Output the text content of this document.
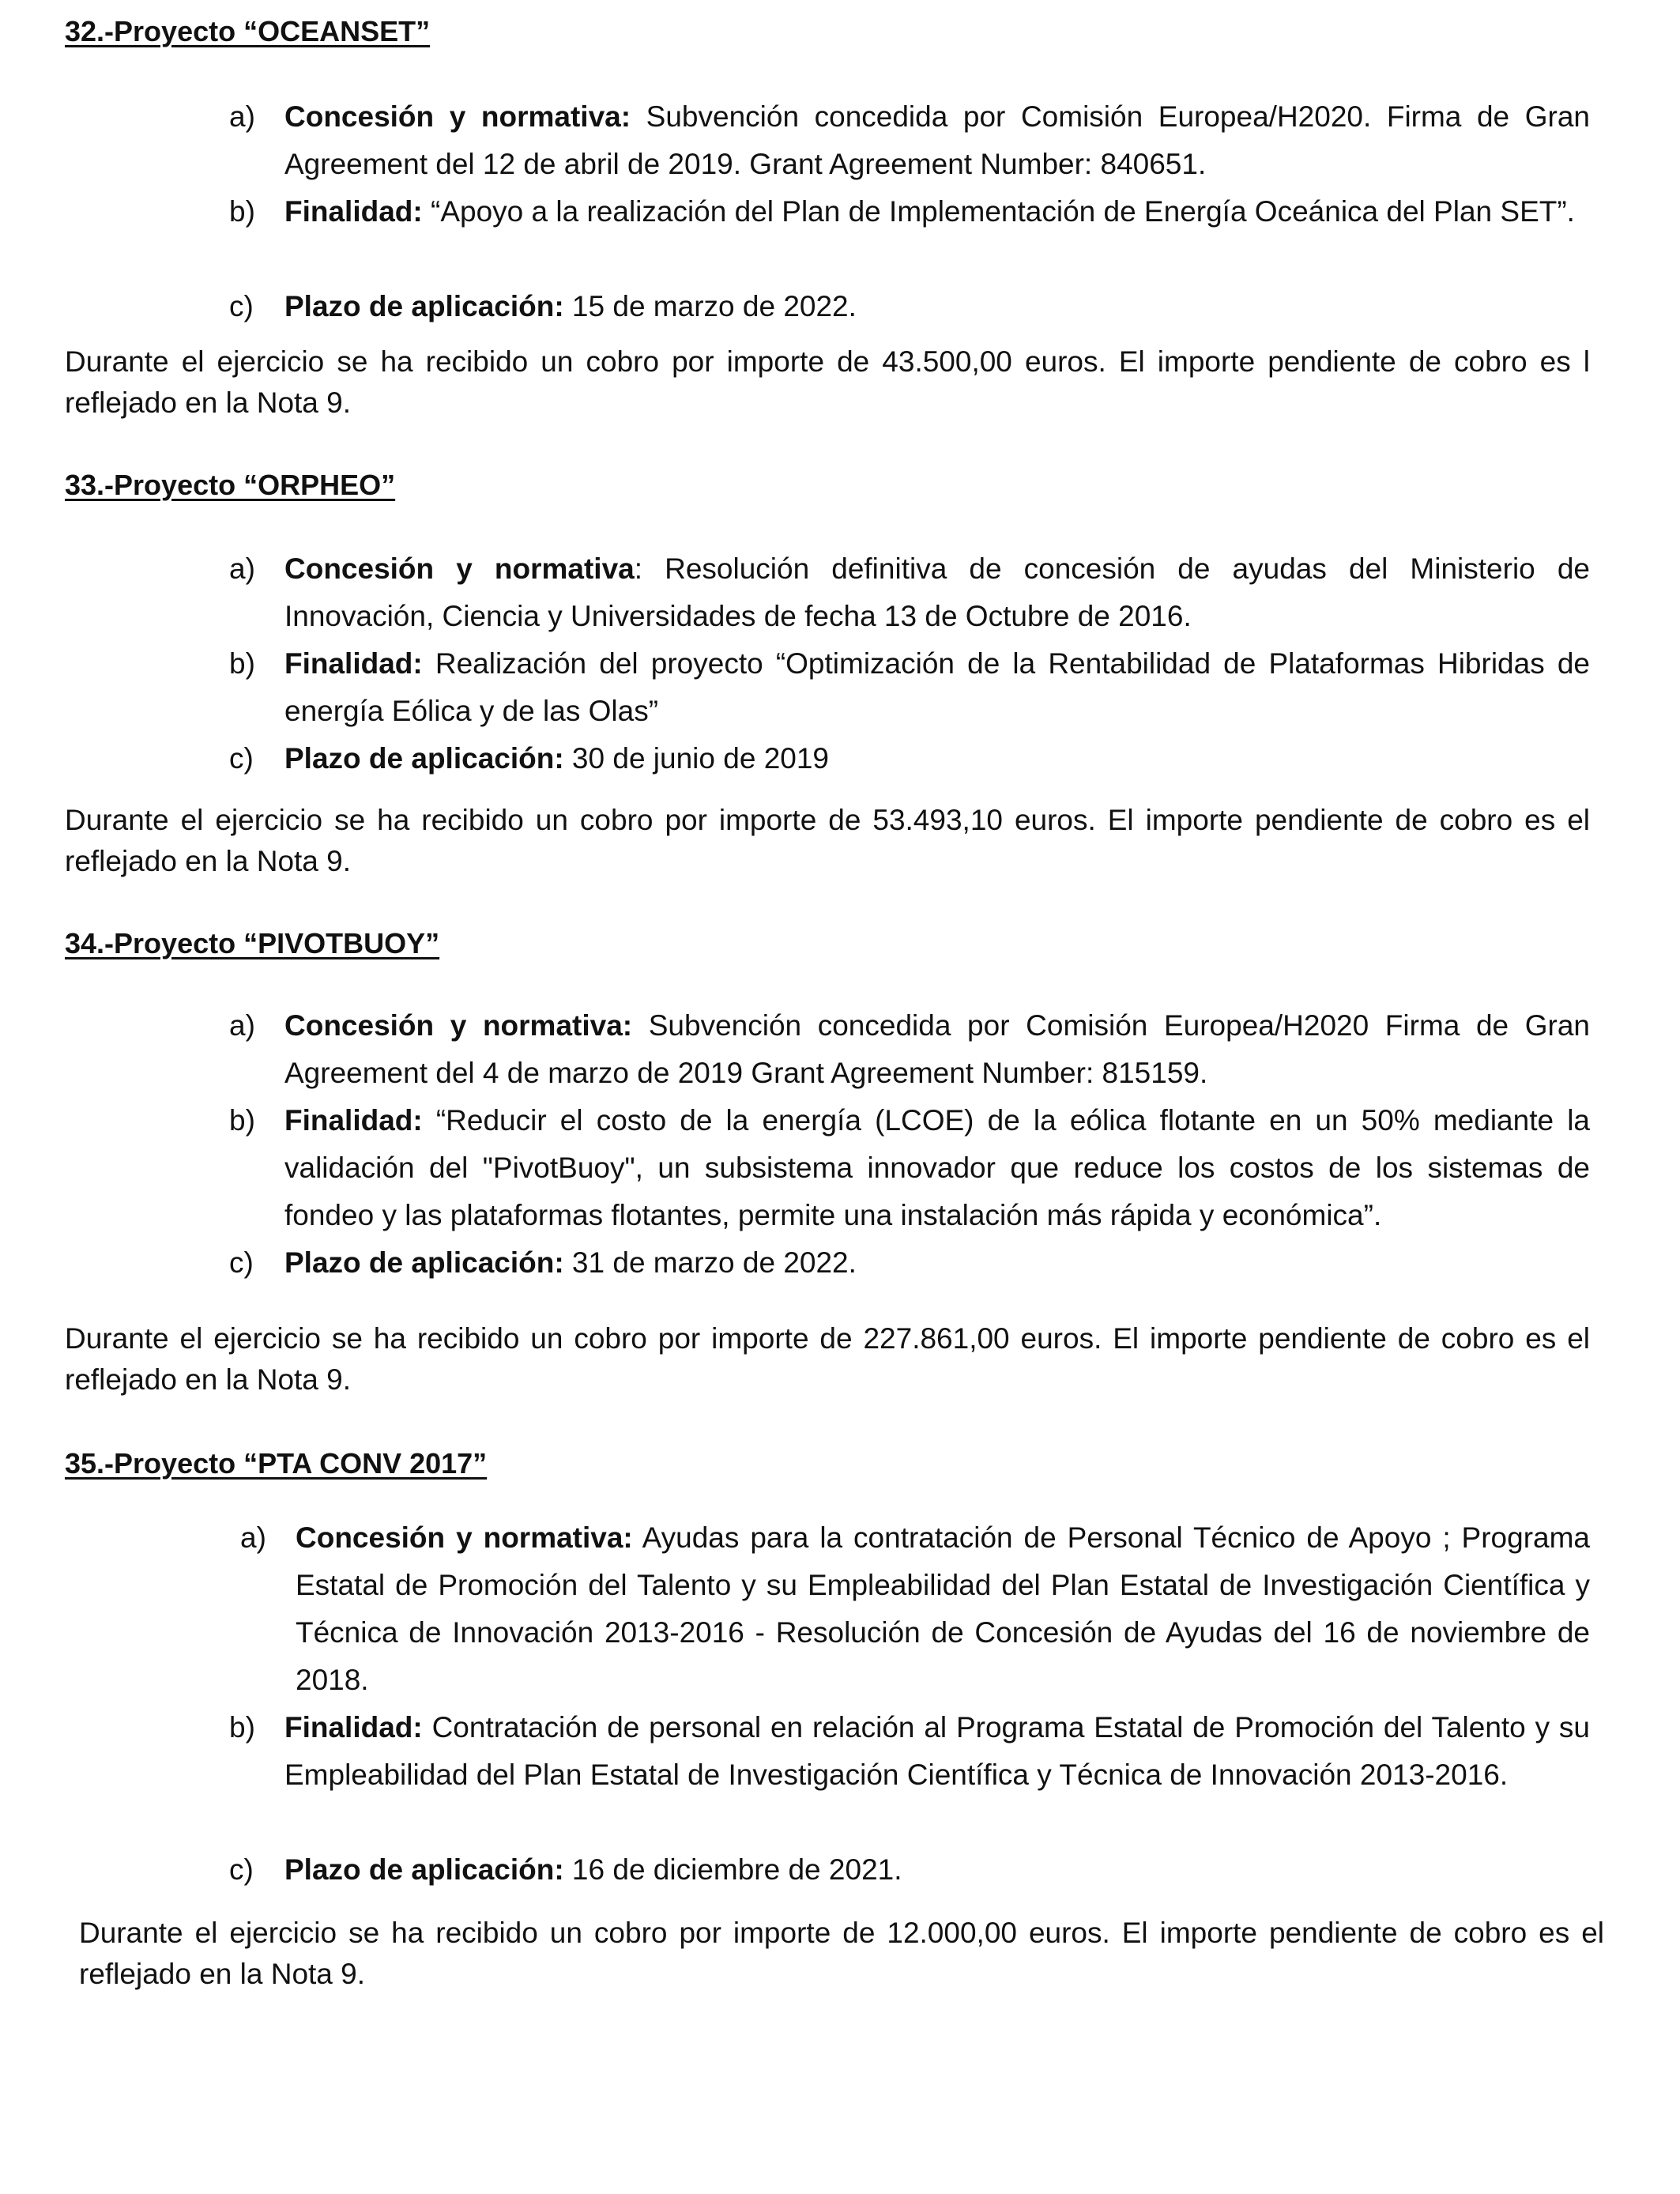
32.-Proyecto “OCEANSET”
a) Concesión y normativa: Subvención concedida por Comisión Europea/H2020. Firma de Gran Agreement del 12 de abril de 2019. Grant Agreement Number: 840651.
b) Finalidad: “Apoyo a la realización del Plan de Implementación de Energía Oceánica del Plan SET”.
c) Plazo de aplicación: 15 de marzo de 2022.
Durante el ejercicio se ha recibido un cobro por importe de 43.500,00 euros. El importe pendiente de cobro es l reflejado en la Nota 9.
33.-Proyecto “ORPHEO”
a) Concesión y normativa: Resolución definitiva de concesión de ayudas del Ministerio de Innovación, Ciencia y Universidades de fecha 13 de Octubre de 2016.
b) Finalidad: Realización del proyecto “Optimización de la Rentabilidad de Plataformas Hibridas de energía Eólica y de las Olas”
c) Plazo de aplicación: 30 de junio de 2019
Durante el ejercicio se ha recibido un cobro por importe de 53.493,10 euros. El importe pendiente de cobro es el reflejado en la Nota 9.
34.-Proyecto “PIVOTBUOY”
a) Concesión y normativa: Subvención concedida por Comisión Europea/H2020 Firma de Gran Agreement del 4 de marzo de 2019 Grant Agreement Number: 815159.
b) Finalidad: “Reducir el costo de la energía (LCOE) de la eólica flotante en un 50% mediante la validación del "PivotBuoy", un subsistema innovador que reduce los costos de los sistemas de fondeo y las plataformas flotantes, permite una instalación más rápida y económica”.
c) Plazo de aplicación: 31 de marzo de 2022.
Durante el ejercicio se ha recibido un cobro por importe de 227.861,00 euros. El importe pendiente de cobro es el reflejado en la Nota 9.
35.-Proyecto “PTA CONV 2017”
a) Concesión y normativa: Ayudas para la contratación de Personal Técnico de Apoyo ; Programa Estatal de Promoción del Talento y su Empleabilidad del Plan Estatal de Investigación Científica y Técnica de Innovación 2013-2016 - Resolución de Concesión de Ayudas del 16 de noviembre de 2018.
b) Finalidad: Contratación de personal en relación al Programa Estatal de Promoción del Talento y su Empleabilidad del Plan Estatal de Investigación Científica y Técnica de Innovación 2013-2016.
c) Plazo de aplicación: 16 de diciembre de 2021.
Durante el ejercicio se ha recibido un cobro por importe de 12.000,00 euros. El importe pendiente de cobro es el reflejado en la Nota 9.
